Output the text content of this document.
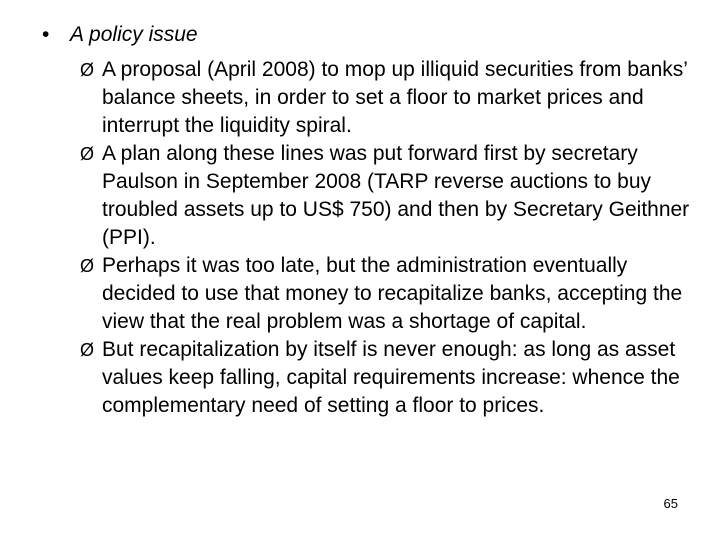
• A policy issue
Ø A proposal (April 2008) to mop up illiquid securities from banks’ balance sheets, in order to set a floor to market prices and interrupt the liquidity spiral.
Ø A plan along these lines was put forward first by secretary Paulson in September 2008 (TARP reverse auctions to buy troubled assets up to US$ 750) and then by Secretary Geithner (PPI).
Ø Perhaps it was too late, but the administration eventually decided to use that money to recapitalize banks, accepting the view that the real problem was a shortage of capital.
Ø But recapitalization by itself is never enough: as long as asset values keep falling, capital requirements increase: whence the complementary need of setting a floor to prices.
65
